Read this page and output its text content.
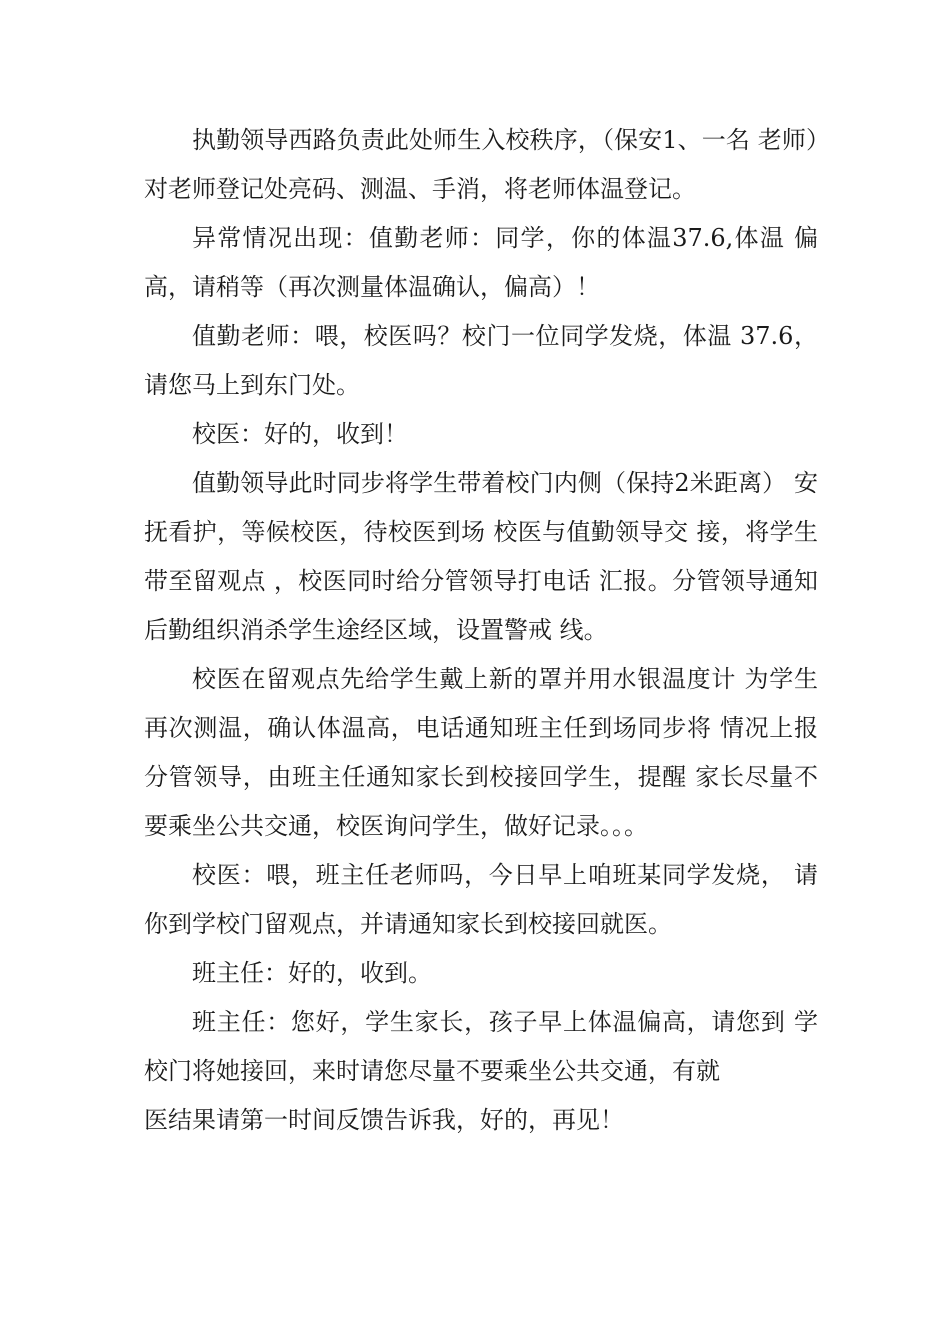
执勤领导西路负责此处师生入校秩序，（保安1、一名 老师）对老师登记处亮码、测温、手消，将老师体温登记。

异常情况出现：值勤老师：同学，你的体温37.6,体温 偏高，请稍等（再次测量体温确认，偏高）！

值勤老师：喂，校医吗？校门一位同学发烧，体温 37.6，请您马上到东门处。

校医：好的，收到！

值勤领导此时同步将学生带着校门内侧（保持2米距离） 安抚看护，等候校医，待校医到场 校医与值勤领导交 接，将学生带至留观点 ，校医同时给分管领导打电话 汇报。分管领导通知后勤组织消杀学生途经区域，设置警戒 线。

校医在留观点先给学生戴上新的罩并用水银温度计 为学生再次测温，确认体温高，电话通知班主任到场同步将 情况上报分管领导，由班主任通知家长到校接回学生，提醒 家长尽量不要乘坐公共交通，校医询问学生，做好记录。。。

校医：喂，班主任老师吗，今日早上咱班某同学发烧， 请你到学校门留观点，并请通知家长到校接回就医。

班主任：好的，收到。

班主任：您好，学生家长，孩子早上体温偏高，请您到 学校门将她接回，来时请您尽量不要乘坐公共交通，有就

医结果请第一时间反馈告诉我，好的，再见！
